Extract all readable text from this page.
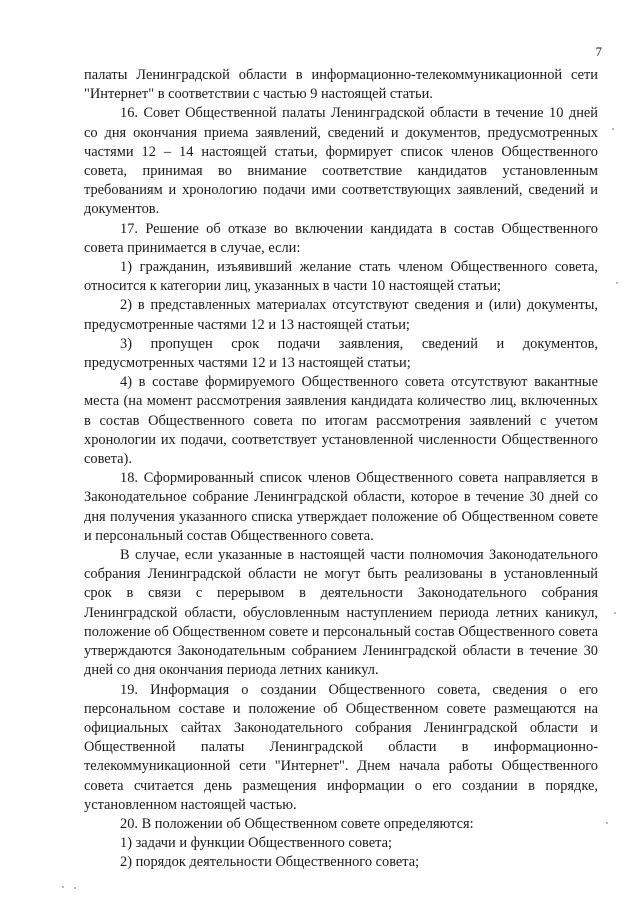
7

палаты Ленинградской области в информационно-телекоммуникационной сети "Интернет" в соответствии с частью 9 настоящей статьи.

16. Совет Общественной палаты Ленинградской области в течение 10 дней со дня окончания приема заявлений, сведений и документов, предусмотренных частями 12 – 14 настоящей статьи, формирует список членов Общественного совета, принимая во внимание соответствие кандидатов установленным требованиям и хронологию подачи ими соответствующих заявлений, сведений и документов.

17. Решение об отказе во включении кандидата в состав Общественного совета принимается в случае, если:

1) гражданин, изъявивший желание стать членом Общественного совета, относится к категории лиц, указанных в части 10 настоящей статьи;

2) в представленных материалах отсутствуют сведения и (или) документы, предусмотренные частями 12 и 13 настоящей статьи;

3) пропущен срок подачи заявления, сведений и документов, предусмотренных частями 12 и 13 настоящей статьи;

4) в составе формируемого Общественного совета отсутствуют вакантные места (на момент рассмотрения заявления кандидата количество лиц, включенных в состав Общественного совета по итогам рассмотрения заявлений с учетом хронологии их подачи, соответствует установленной численности Общественного совета).

18. Сформированный список членов Общественного совета направляется в Законодательное собрание Ленинградской области, которое в течение 30 дней со дня получения указанного списка утверждает положение об Общественном совете и персональный состав Общественного совета.

В случае, если указанные в настоящей части полномочия Законодательного собрания Ленинградской области не могут быть реализованы в установленный срок в связи с перерывом в деятельности Законодательного собрания Ленинградской области, обусловленным наступлением периода летних каникул, положение об Общественном совете и персональный состав Общественного совета утверждаются Законодательным собранием Ленинградской области в течение 30 дней со дня окончания периода летних каникул.

19. Информация о создании Общественного совета, сведения о его персональном составе и положение об Общественном совете размещаются на официальных сайтах Законодательного собрания Ленинградской области и Общественной палаты Ленинградской области в информационно-телекоммуникационной сети "Интернет". Днем начала работы Общественного совета считается день размещения информации о его создании в порядке, установленном настоящей частью.

20. В положении об Общественном совете определяются:

1) задачи и функции Общественного совета;

2) порядок деятельности Общественного совета;
